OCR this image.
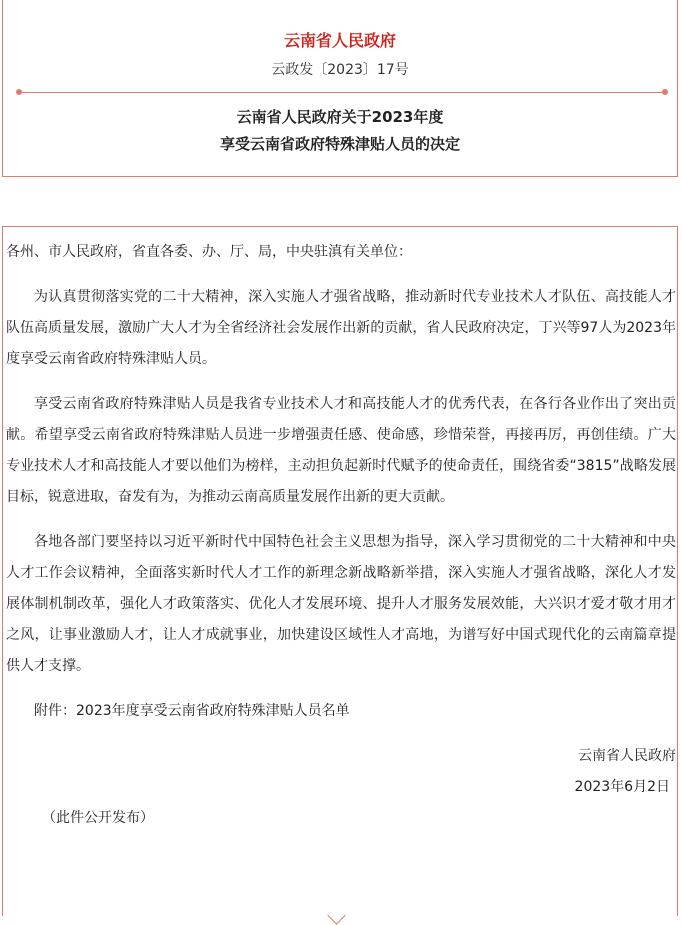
云南省人民政府
云政发〔2023〕17号
云南省人民政府关于2023年度
享受云南省政府特殊津贴人员的决定

各州、市人民政府，省直各委、办、厅、局，中央驻滇有关单位：

为认真贯彻落实党的二十大精神，深入实施人才强省战略，推动新时代专业技术人才队伍、高技能人才队伍高质量发展，激励广大人才为全省经济社会发展作出新的贡献，省人民政府决定，丁兴等97人为2023年度享受云南省政府特殊津贴人员。

享受云南省政府特殊津贴人员是我省专业技术人才和高技能人才的优秀代表，在各行各业作出了突出贡献。希望享受云南省政府特殊津贴人员进一步增强责任感、使命感，珍惜荣誉，再接再厉，再创佳绩。广大专业技术人才和高技能人才要以他们为榜样，主动担负起新时代赋予的使命责任，围绕省委“3815”战略发展目标，锐意进取，奋发有为，为推动云南高质量发展作出新的更大贡献。

各地各部门要坚持以习近平新时代中国特色社会主义思想为指导，深入学习贯彻党的二十大精神和中央人才工作会议精神，全面落实新时代人才工作的新理念新战略新举措，深入实施人才强省战略，深化人才发展体制机制改革，强化人才政策落实、优化人才发展环境、提升人才服务发展效能，大兴识才爱才敬才用才之风，让事业激励人才，让人才成就事业，加快建设区域性人才高地，为谱写好中国式现代化的云南篇章提供人才支撑。

附件：2023年度享受云南省政府特殊津贴人员名单

云南省人民政府

2023年6月2日

（此件公开发布）
